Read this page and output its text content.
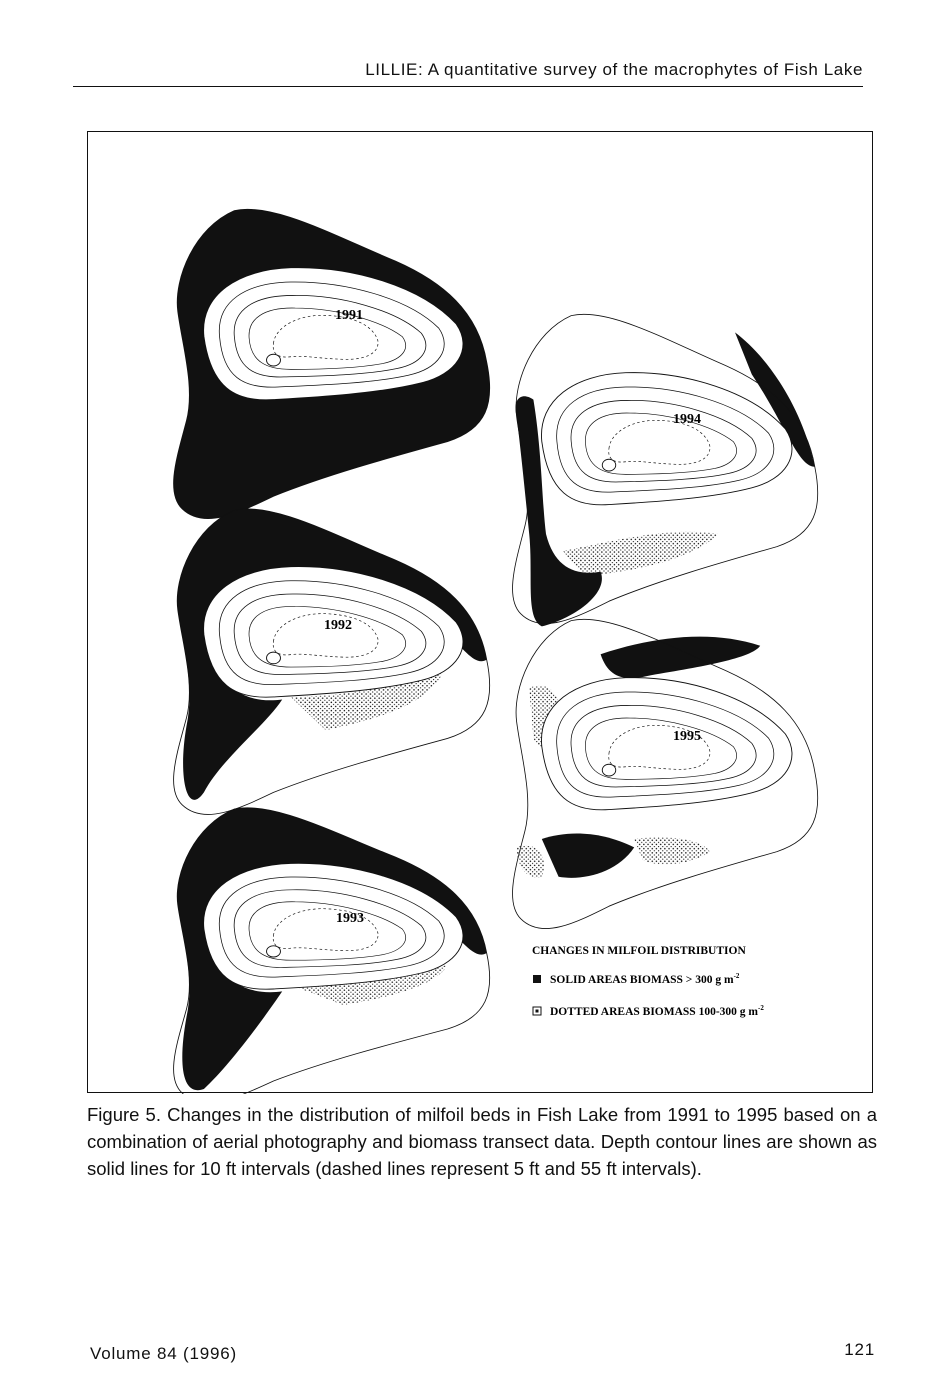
LILLIE: A quantitative survey of the macrophytes of Fish Lake
1991
1994
1992
1995
1993
CHANGES IN MILFOIL DISTRIBUTION
SOLID AREAS BIOMASS > 300 g $m^{-2}$
DOTTED AREAS BIOMASS 100-300 g $m^{-2}$
Figure 5. Changes in the distribution of milfoil beds in Fish Lake from 1991 to 1995 based on a combination of aerial photography and biomass transect data. Depth contour lines are shown as solid lines for 10 ft intervals (dashed lines represent 5 ft and 55 ft intervals).
Volume 84 (1996)	121
